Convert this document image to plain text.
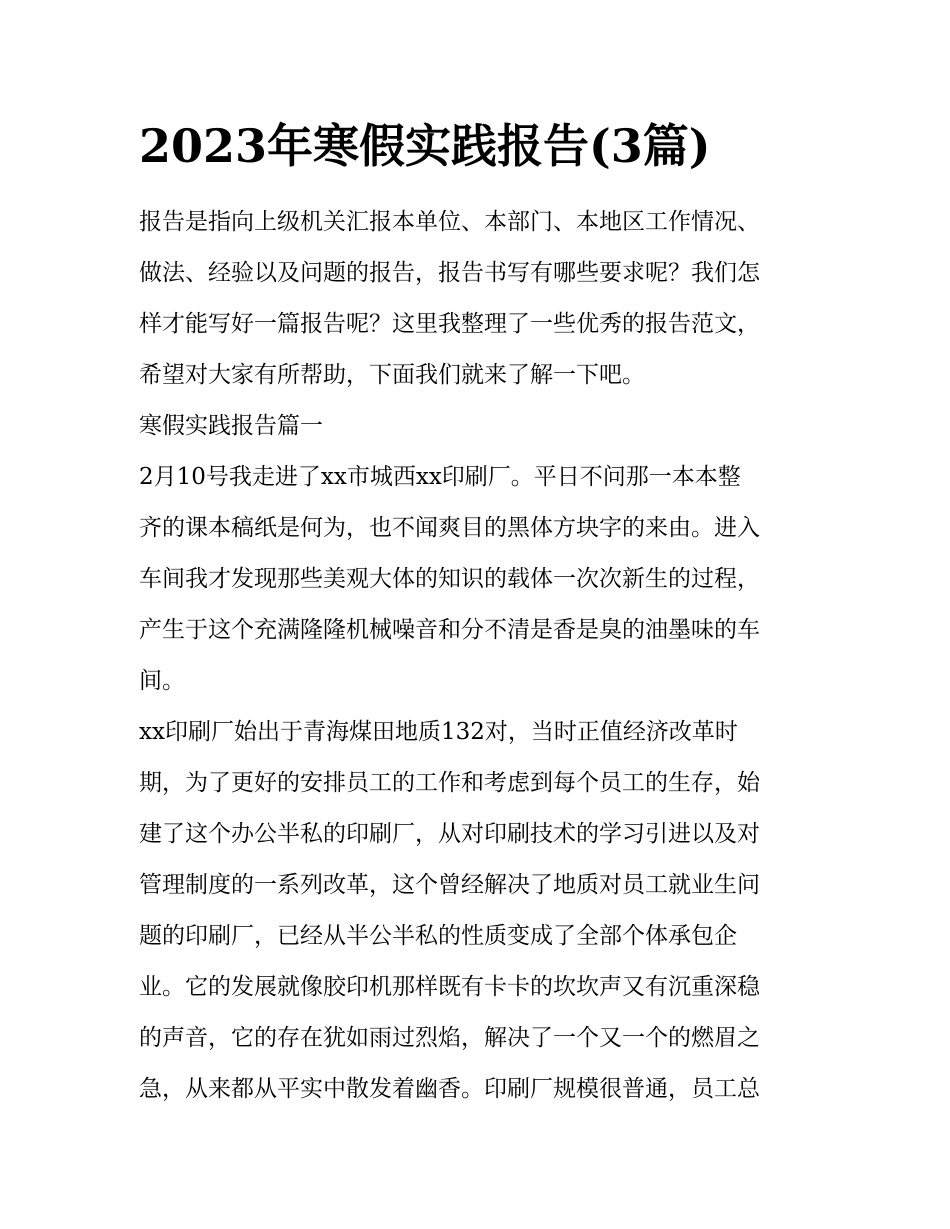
2023年寒假实践报告(3篇)
报告是指向上级机关汇报本单位、本部门、本地区工作情况、
做法、经验以及问题的报告，报告书写有哪些要求呢？我们怎
样才能写好一篇报告呢？这里我整理了一些优秀的报告范文，
希望对大家有所帮助，下面我们就来了解一下吧。
寒假实践报告篇一
2月10号我走进了xx市城西xx印刷厂。平日不问那一本本整
齐的课本稿纸是何为，也不闻爽目的黑体方块字的来由。进入
车间我才发现那些美观大体的知识的载体一次次新生的过程，
产生于这个充满隆隆机械噪音和分不清是香是臭的油墨味的车
间。
xx印刷厂始出于青海煤田地质132对，当时正值经济改革时
期，为了更好的安排员工的工作和考虑到每个员工的生存，始
建了这个办公半私的印刷厂，从对印刷技术的学习引进以及对
管理制度的一系列改革，这个曾经解决了地质对员工就业生问
题的印刷厂，已经从半公半私的性质变成了全部个体承包企
业。它的发展就像胶印机那样既有卡卡的坎坎声又有沉重深稳
的声音，它的存在犹如雨过烈焰，解决了一个又一个的燃眉之
急，从来都从平实中散发着幽香。印刷厂规模很普通，员工总
